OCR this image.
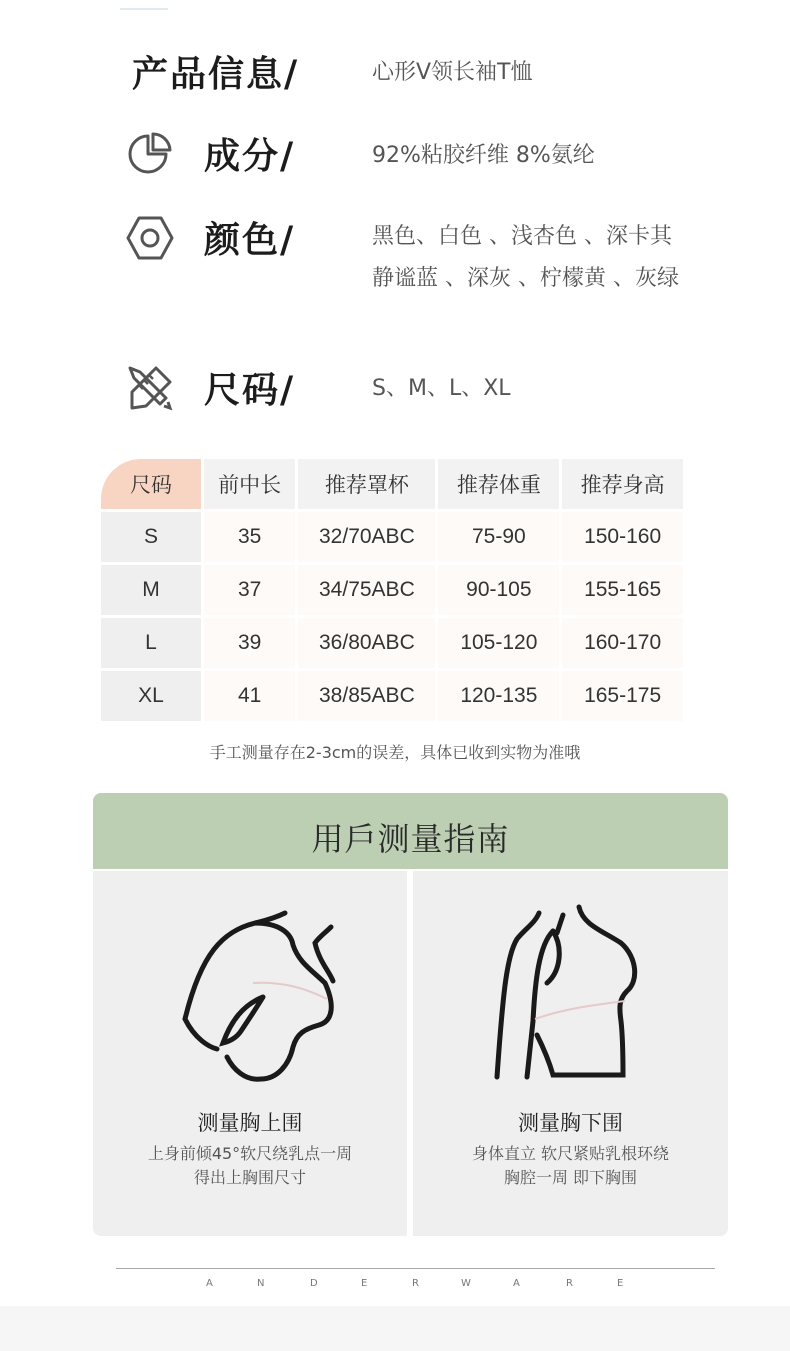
产品信息/	心形V领长袖T恤
成分/	92%粘胶纤维 8%氨纶
颜色/	黑色、白色 、浅杏色 、深卡其
静谧蓝 、深灰 、柠檬黄 、灰绿
尺码/	S、M、L、XL
尺码	前中长	推荐罩杯	推荐体重	推荐身高
S	35	32/70ABC	75-90	150-160
M	37	34/75ABC	90-105	155-165
L	39	36/80ABC	105-120	160-170
XL	41	38/85ABC	120-135	165-175
手工测量存在2-3cm的误差，具体已收到实物为准哦
用戶测量指南
测量胸上围
上身前倾45°软尺绕乳点一周
得出上胸围尺寸
测量胸下围
身体直立 软尺紧贴乳根环绕
胸腔一周 即下胸围
A	N	D	E	R	W	A	R	E
